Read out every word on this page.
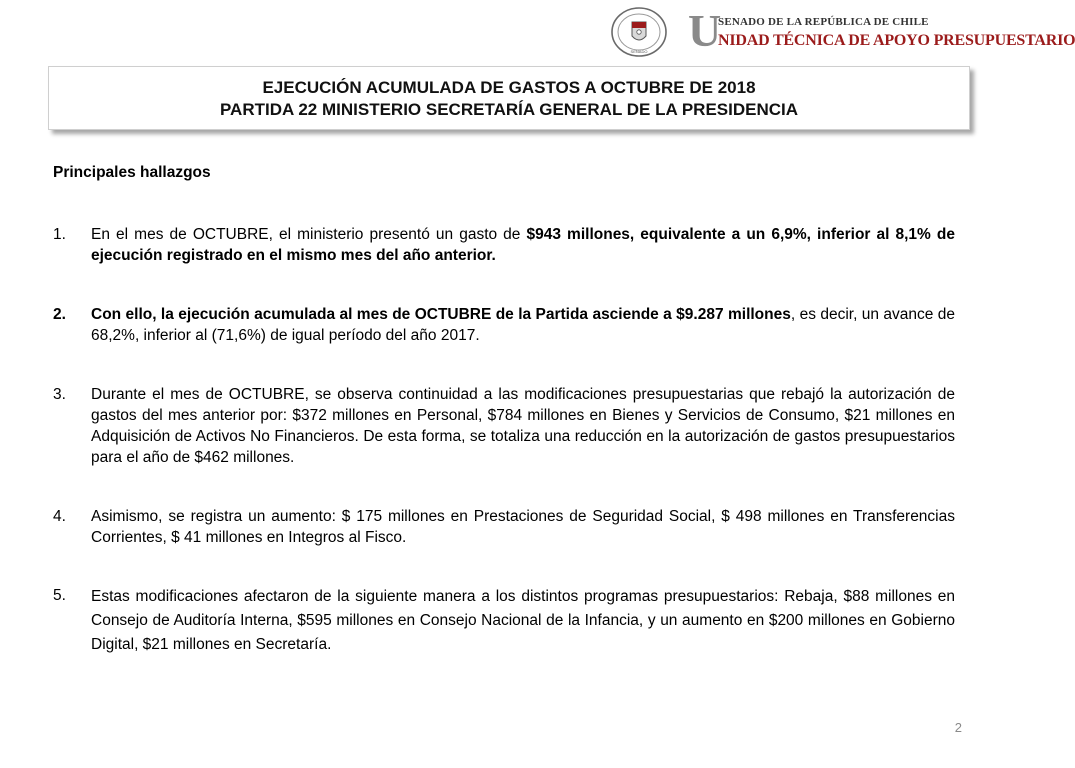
SENADO U
SENADO DE LA REPÚBLICA DE CHILE
NIDAD TÉCNICA DE APOYO PRESUPUESTARIO
EJECUCIÓN ACUMULADA DE GASTOS A OCTUBRE DE 2018
PARTIDA 22 MINISTERIO SECRETARÍA GENERAL DE LA PRESIDENCIA
Principales hallazgos
1. En el mes de OCTUBRE, el ministerio presentó un gasto de $943 millones, equivalente a un 6,9%, inferior al 8,1% de ejecución registrado en el mismo mes del año anterior.

2. Con ello, la ejecución acumulada al mes de OCTUBRE de la Partida asciende a $9.287 millones, es decir, un avance de 68,2%, inferior al (71,6%) de igual período del año 2017.

3. Durante el mes de OCTUBRE, se observa continuidad a las modificaciones presupuestarias que rebajó la autorización de gastos del mes anterior por: $372 millones en Personal, $784 millones en Bienes y Servicios de Consumo, $21 millones en Adquisición de Activos No Financieros. De esta forma, se totaliza una reducción en la autorización de gastos presupuestarios para el año de $462 millones.

4. Asimismo, se registra un aumento: $ 175 millones en Prestaciones de Seguridad Social, $ 498 millones en Transferencias Corrientes, $ 41 millones en Integros al Fisco.

5. Estas modificaciones afectaron de la siguiente manera a los distintos programas presupuestarios: Rebaja, $88 millones en Consejo de Auditoría Interna, $595 millones en Consejo Nacional de la Infancia, y un aumento en $200 millones en Gobierno Digital, $21 millones en Secretaría.

2
